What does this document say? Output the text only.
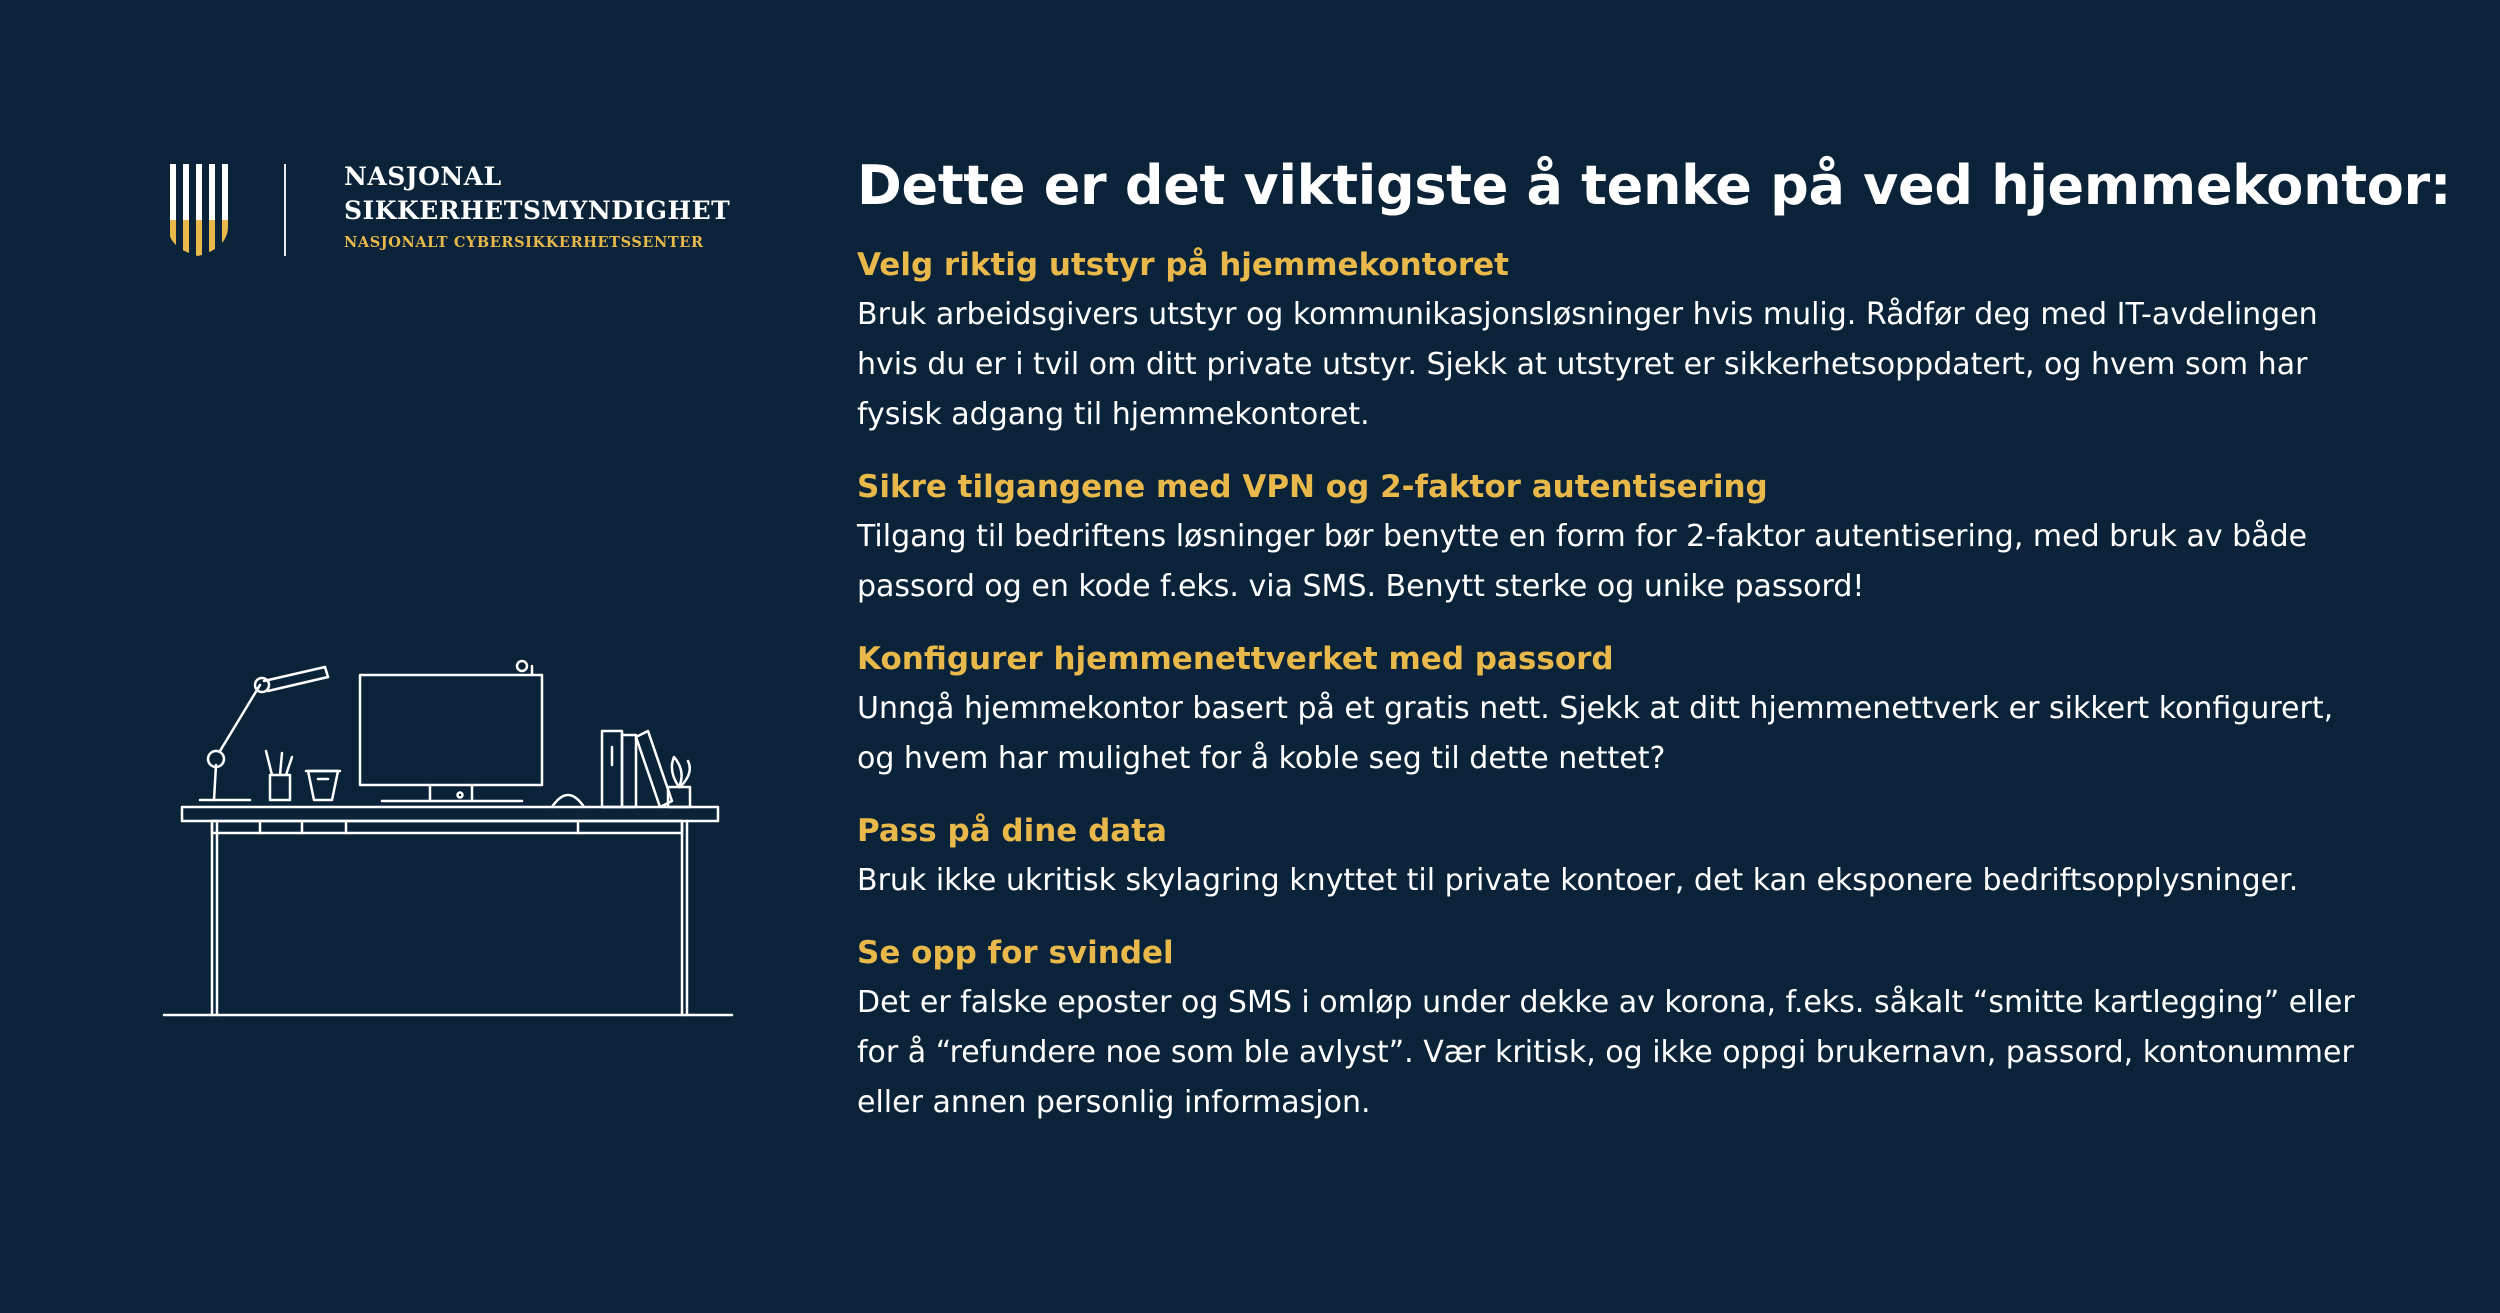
NASJONAL
SIKKERHETSMYNDIGHET
NASJONALT CYBERSIKKERHETSSENTER
Dette er det viktigste å tenke på ved hjemmekontor:

Velg riktig utstyr på hjemmekontoret

Bruk arbeidsgivers utstyr og kommunikasjonsløsninger hvis mulig. Rådfør deg med IT-avdelingen hvis du er i tvil om ditt private utstyr. Sjekk at utstyret er sikkerhetsoppdatert, og hvem som har fysisk adgang til hjemmekontoret.

Sikre tilgangene med VPN og 2-faktor autentisering

Tilgang til bedriftens løsninger bør benytte en form for 2-faktor autentisering, med bruk av både passord og en kode f.eks. via SMS. Benytt sterke og unike passord!

Konfigurer hjemmenettverket med passord

Unngå hjemmekontor basert på et gratis nett. Sjekk at ditt hjemmenettverk er sikkert konfigurert, og hvem har mulighet for å koble seg til dette nettet?

Pass på dine data

Bruk ikke ukritisk skylagring knyttet til private kontoer, det kan eksponere bedriftsopplysninger.

Se opp for svindel

Det er falske eposter og SMS i omløp under dekke av korona, f.eks. såkalt “smitte kartlegging” eller for å “refundere noe som ble avlyst”. Vær kritisk, og ikke oppgi brukernavn, passord, kontonummer eller annen personlig informasjon.
